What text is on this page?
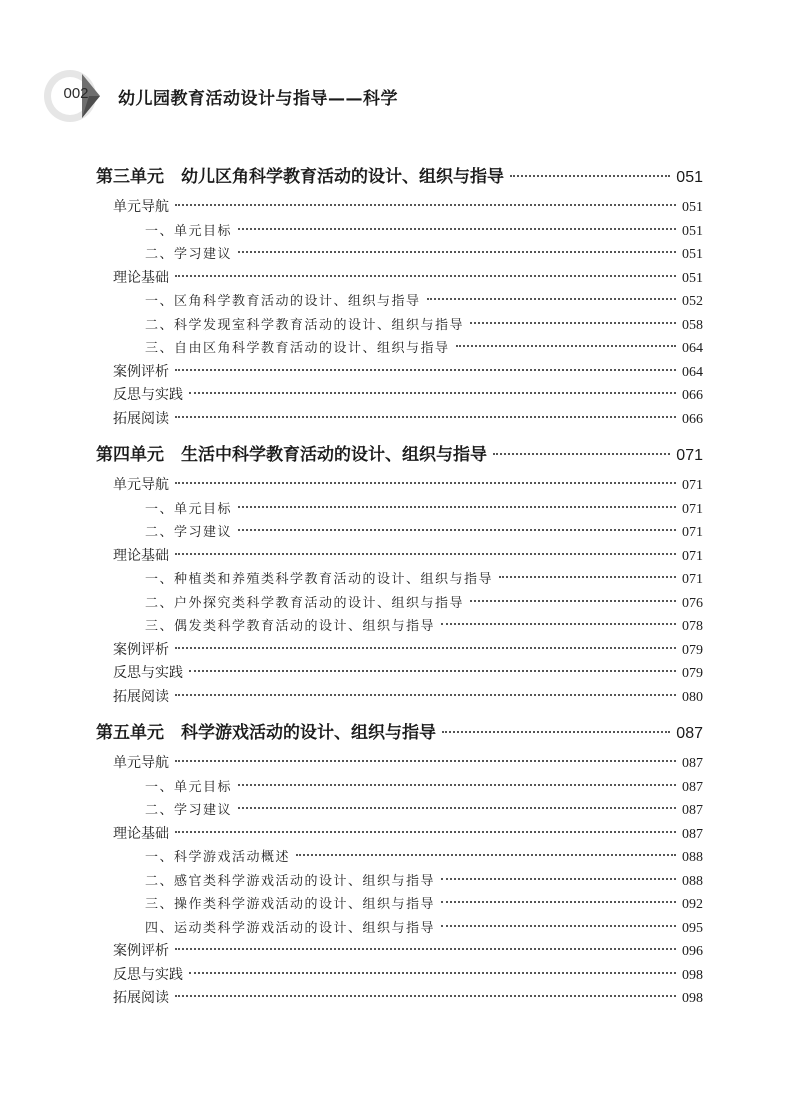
002	幼儿园教育活动设计与指导——科学
第三单元　幼儿区角科学教育活动的设计、组织与指导	051
单元导航	051
一、单元目标	051
二、学习建议	051
理论基础	051
一、区角科学教育活动的设计、组织与指导	052
二、科学发现室科学教育活动的设计、组织与指导	058
三、自由区角科学教育活动的设计、组织与指导	064
案例评析	064
反思与实践	066
拓展阅读	066
第四单元　生活中科学教育活动的设计、组织与指导	071
单元导航	071
一、单元目标	071
二、学习建议	071
理论基础	071
一、种植类和养殖类科学教育活动的设计、组织与指导	071
二、户外探究类科学教育活动的设计、组织与指导	076
三、偶发类科学教育活动的设计、组织与指导	078
案例评析	079
反思与实践	079
拓展阅读	080
第五单元　科学游戏活动的设计、组织与指导	087
单元导航	087
一、单元目标	087
二、学习建议	087
理论基础	087
一、科学游戏活动概述	088
二、感官类科学游戏活动的设计、组织与指导	088
三、操作类科学游戏活动的设计、组织与指导	092
四、运动类科学游戏活动的设计、组织与指导	095
案例评析	096
反思与实践	098
拓展阅读	098
